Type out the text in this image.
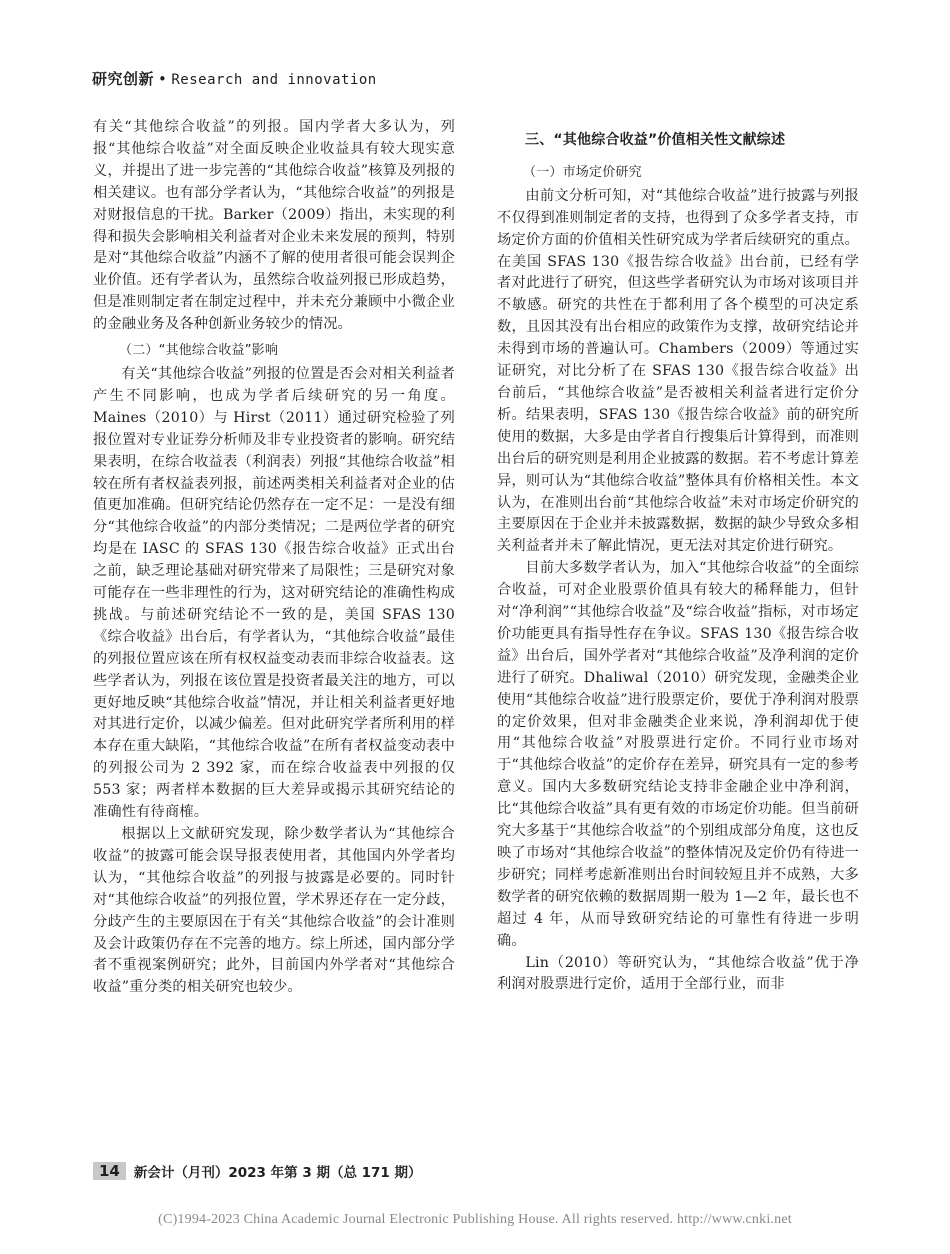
研究创新 • Research and innovation

有关“其他综合收益”的列报。国内学者大多认为，列报“其他综合收益”对全面反映企业收益具有较大现实意义，并提出了进一步完善的“其他综合收益”核算及列报的相关建议。也有部分学者认为，“其他综合收益”的列报是对财报信息的干扰。Barker（2009）指出，未实现的利得和损失会影响相关利益者对企业未来发展的预判，特别是对“其他综合收益”内涵不了解的使用者很可能会误判企业价值。还有学者认为，虽然综合收益列报已形成趋势，但是准则制定者在制定过程中，并未充分兼顾中小微企业的金融业务及各种创新业务较少的情况。

（二）“其他综合收益”影响

有关“其他综合收益”列报的位置是否会对相关利益者产生不同影响，也成为学者后续研究的另一角度。Maines（2010）与 Hirst（2011）通过研究检验了列报位置对专业证券分析师及非专业投资者的影响。研究结果表明，在综合收益表（利润表）列报“其他综合收益”相较在所有者权益表列报，前述两类相关利益者对企业的估值更加准确。但研究结论仍然存在一定不足：一是没有细分“其他综合收益”的内部分类情况；二是两位学者的研究均是在 IASC 的 SFAS 130《报告综合收益》正式出台之前，缺乏理论基础对研究带来了局限性；三是研究对象可能存在一些非理性的行为，这对研究结论的准确性构成挑战。与前述研究结论不一致的是，美国 SFAS 130《综合收益》出台后，有学者认为，“其他综合收益”最佳的列报位置应该在所有权权益变动表而非综合收益表。这些学者认为，列报在该位置是投资者最关注的地方，可以更好地反映“其他综合收益”情况，并让相关利益者更好地对其进行定价，以减少偏差。但对此研究学者所利用的样本存在重大缺陷，“其他综合收益”在所有者权益变动表中的列报公司为 2 392 家，而在综合收益表中列报的仅 553 家；两者样本数据的巨大差异或揭示其研究结论的准确性有待商榷。

根据以上文献研究发现，除少数学者认为“其他综合收益”的披露可能会误导报表使用者，其他国内外学者均认为，“其他综合收益”的列报与披露是必要的。同时针对“其他综合收益”的列报位置，学术界还存在一定分歧，分歧产生的主要原因在于有关“其他综合收益”的会计准则及会计政策仍存在不完善的地方。综上所述，国内部分学者不重视案例研究；此外，目前国内外学者对“其他综合收益”重分类的相关研究也较少。

三、“其他综合收益”价值相关性文献综述
（一）市场定价研究

由前文分析可知，对“其他综合收益”进行披露与列报不仅得到准则制定者的支持，也得到了众多学者支持，市场定价方面的价值相关性研究成为学者后续研究的重点。在美国 SFAS 130《报告综合收益》出台前，已经有学者对此进行了研究，但这些学者研究认为市场对该项目并不敏感。研究的共性在于都利用了各个模型的可决定系数，且因其没有出台相应的政策作为支撑，故研究结论并未得到市场的普遍认可。Chambers（2009）等通过实证研究，对比分析了在 SFAS 130《报告综合收益》出台前后，“其他综合收益”是否被相关利益者进行定价分析。结果表明，SFAS 130《报告综合收益》前的研究所使用的数据，大多是由学者自行搜集后计算得到，而准则出台后的研究则是利用企业披露的数据。若不考虑计算差异，则可认为“其他综合收益”整体具有价格相关性。本文认为，在准则出台前“其他综合收益”未对市场定价研究的主要原因在于企业并未披露数据，数据的缺少导致众多相关利益者并未了解此情况，更无法对其定价进行研究。

目前大多数学者认为，加入“其他综合收益”的全面综合收益，可对企业股票价值具有较大的稀释能力，但针对“净利润”“其他综合收益”及“综合收益”指标，对市场定价功能更具有指导性存在争议。SFAS 130《报告综合收益》出台后，国外学者对“其他综合收益”及净利润的定价进行了研究。Dhaliwal（2010）研究发现，金融类企业使用“其他综合收益”进行股票定价，要优于净利润对股票的定价效果，但对非金融类企业来说，净利润却优于使用“其他综合收益”对股票进行定价。不同行业市场对于“其他综合收益”的定价存在差异，研究具有一定的参考意义。国内大多数研究结论支持非金融企业中净利润，比“其他综合收益”具有更有效的市场定价功能。但当前研究大多基于“其他综合收益”的个别组成部分角度，这也反映了市场对“其他综合收益”的整体情况及定价仍有待进一步研究；同样考虑新准则出台时间较短且并不成熟，大多数学者的研究依赖的数据周期一般为 1—2 年，最长也不超过 4 年，从而导致研究结论的可靠性有待进一步明确。

Lin（2010）等研究认为，“其他综合收益”优于净利润对股票进行定价，适用于全部行业，而非

14	新会计（月刊）2023 年第 3 期（总 171 期）
(C)1994-2023 China Academic Journal Electronic Publishing House. All rights reserved. http://www.cnki.net
